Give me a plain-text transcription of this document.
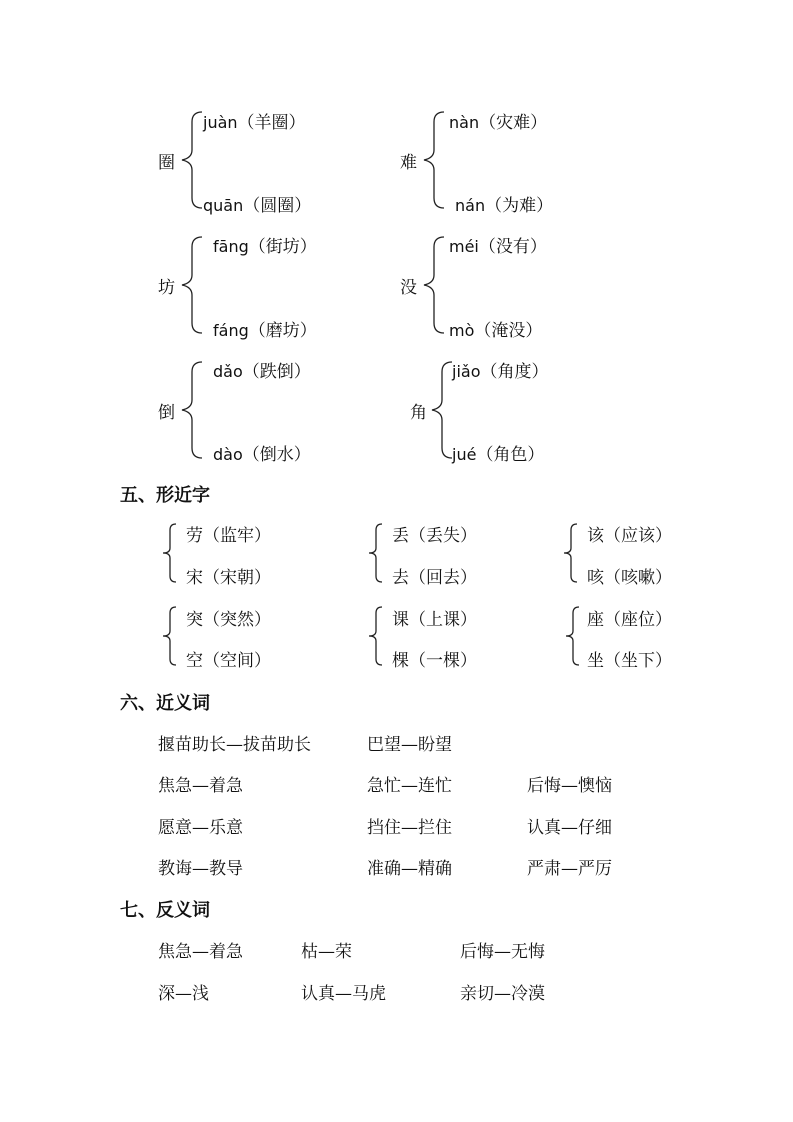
圈
juàn（羊圈）
quān（圆圈）
难
nàn（灾难）
nán（为难）
坊
fāng（街坊）
fáng（磨坊）
没
méi（没有）
mò（淹没）
倒
dǎo（跌倒）
dào（倒水）
角
jiǎo（角度）
jué（角色）
五、形近字
劳（监牢）
宋（宋朝）
丢（丢失）
去（回去）
该（应该）
咳（咳嗽）
突（突然）
空（空间）
课（上课）
棵（一棵）
座（座位）
坐（坐下）
六、近义词
揠苗助长—拔苗助长	巴望—盼望
焦急—着急	急忙—连忙	后悔—懊恼
愿意—乐意	挡住—拦住	认真—仔细
教诲—教导	准确—精确	严肃—严厉
七、反义词
焦急—着急	枯—荣	后悔—无悔
深—浅	认真—马虎	亲切—冷漠
